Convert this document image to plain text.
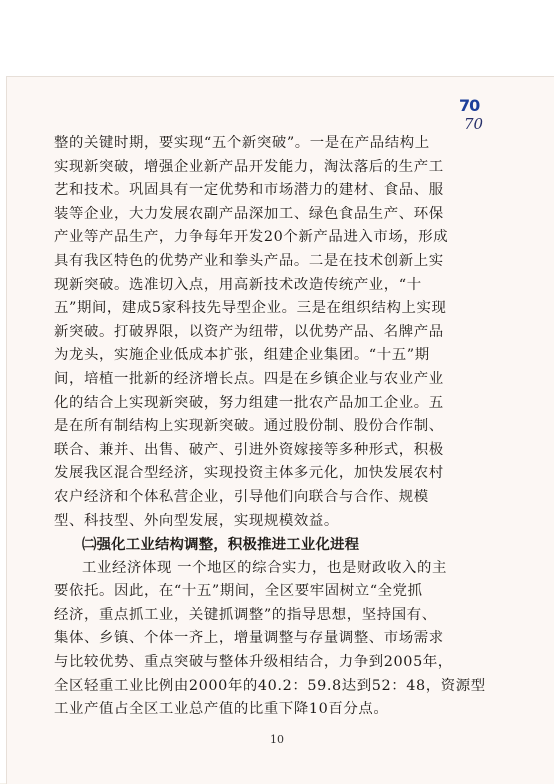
70
70
整的关键时期，要实现“五个新突破”。一是在产品结构上
实现新突破，增强企业新产品开发能力，淘汰落后的生产工
艺和技术。巩固具有一定优势和市场潜力的建材、食品、服
装等企业，大力发展农副产品深加工、绿色食品生产、环保
产业等产品生产，力争每年开发20个新产品进入市场，形成
具有我区特色的优势产业和拳头产品。二是在技术创新上实
现新突破。选准切入点，用高新技术改造传统产业，“十
五”期间，建成5家科技先导型企业。三是在组织结构上实现
新突破。打破界限，以资产为纽带，以优势产品、名牌产品
为龙头，实施企业低成本扩张，组建企业集团。“十五”期
间，培植一批新的经济增长点。四是在乡镇企业与农业产业
化的结合上实现新突破，努力组建一批农产品加工企业。五
是在所有制结构上实现新突破。通过股份制、股份合作制、
联合、兼并、出售、破产、引进外资嫁接等多种形式，积极
发展我区混合型经济，实现投资主体多元化，加快发展农村
农户经济和个体私营企业，引导他们向联合与合作、规模
型、科技型、外向型发展，实现规模效益。
㈡强化工业结构调整，积极推进工业化进程
工业经济体现 一个地区的综合实力，也是财政收入的主
要依托。因此，在“十五”期间，全区要牢固树立“全党抓
经济，重点抓工业，关键抓调整”的指导思想，坚持国有、
集体、乡镇、个体一齐上，增量调整与存量调整、市场需求
与比较优势、重点突破与整体升级相结合，力争到2005年，
全区轻重工业比例由2000年的40.2：59.8达到52：48，资源型
工业产值占全区工业总产值的比重下降10百分点。
10
